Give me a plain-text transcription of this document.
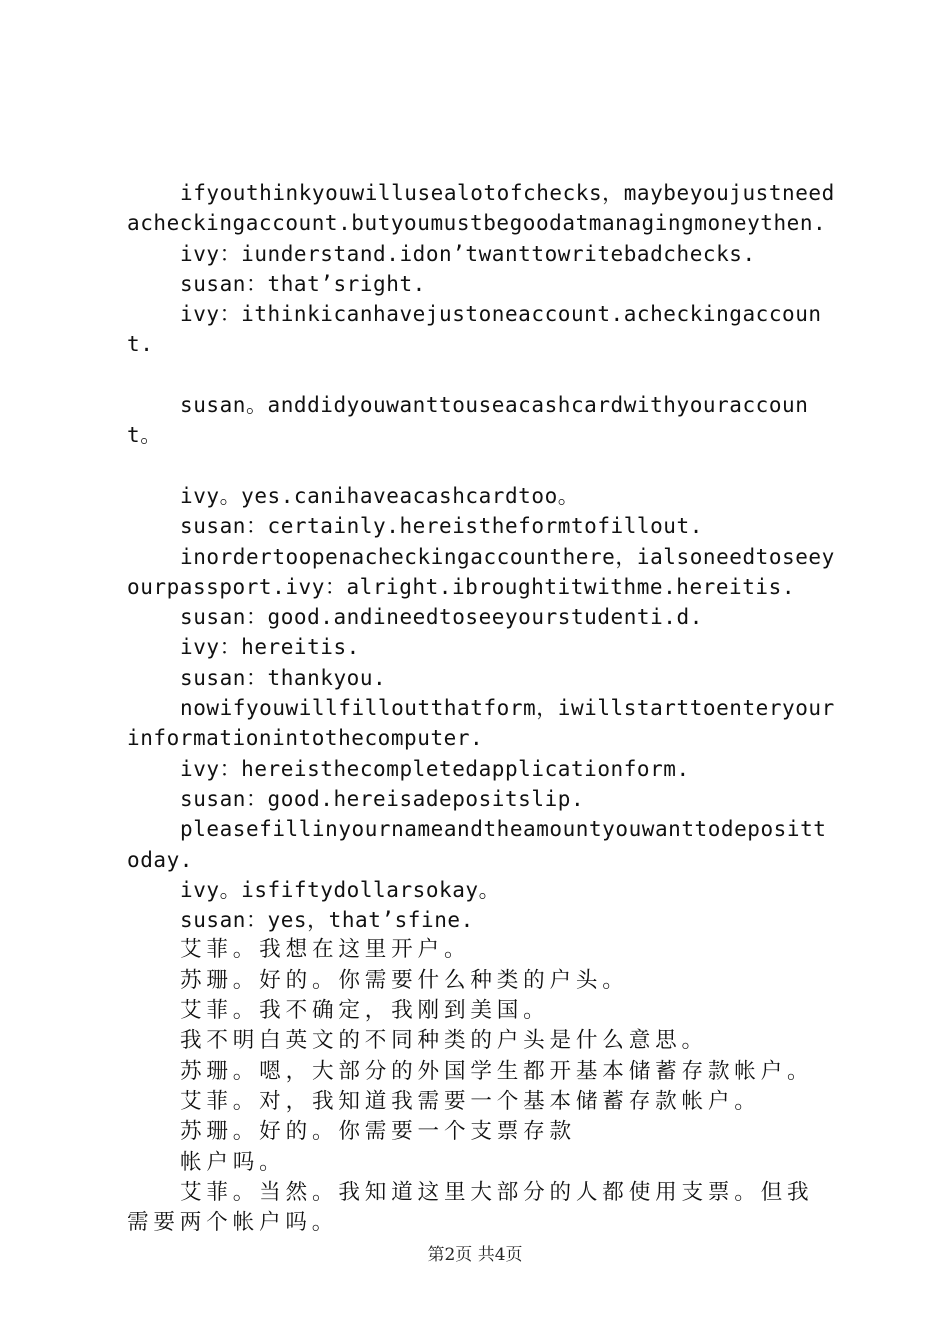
ifyouthinkyouwillusealotofchecks，maybeyoujustneedacheckingaccount.butyoumustbegoodatmanagingmoneythen.

ivy：iunderstand.idon’twanttowritebadchecks.

susan：that’sright.

ivy：ithinkicanhavejustoneaccount.acheckingaccount.

susan。anddidyouwanttouseacashcardwithyouraccount。

ivy。yes.canihaveacashcardtoo。

susan：certainly.hereistheformtofillout.

inordertoopenacheckingaccounthere，ialsoneedtoseeyourpassport.ivy：alright.ibroughtitwithme.hereitis.

susan：good.andineedtoseeyourstudenti.d.

ivy：hereitis.

susan：thankyou.

nowifyouwillfilloutthatform，iwillstarttoenteryourinformationintothecomputer.

ivy：hereisthecompletedapplicationform.

susan：good.hereisadepositslip.

pleasefillinyournameandtheamountyouwanttodeposittoday.

ivy。isfiftydollarsokay。

susan：yes，that’sfine.

艾菲。我想在这里开户。

苏珊。好的。你需要什么种类的户头。

艾菲。我不确定，我刚到美国。

我不明白英文的不同种类的户头是什么意思。

苏珊。嗯，大部分的外国学生都开基本储蓄存款帐户。

艾菲。对，我知道我需要一个基本储蓄存款帐户。

苏珊。好的。你需要一个支票存款

帐户吗。

艾菲。当然。我知道这里大部分的人都使用支票。但我需要两个帐户吗。

第2页 共4页
